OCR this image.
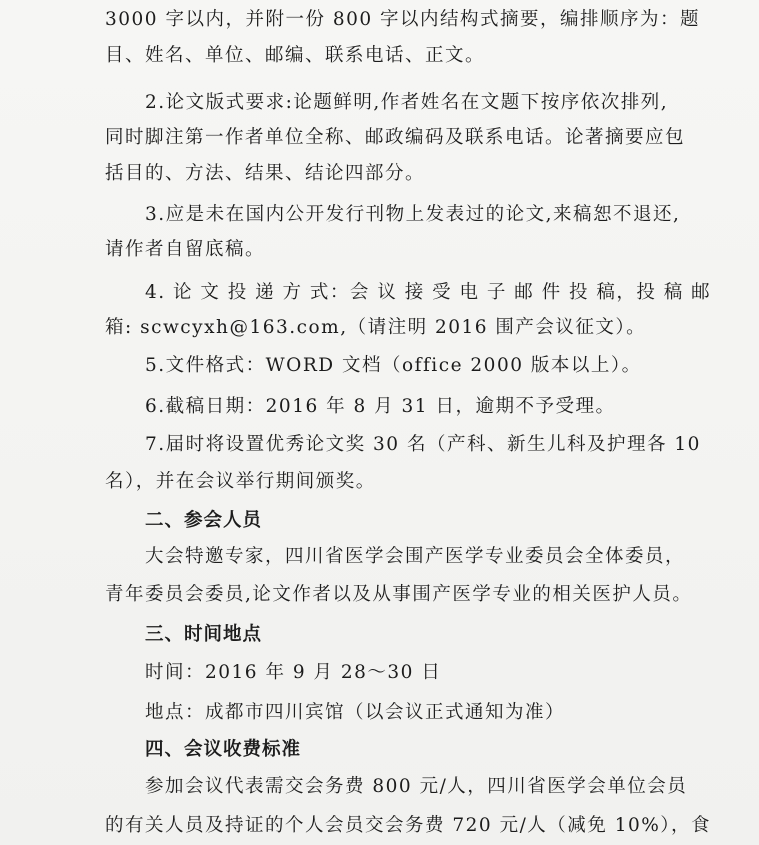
3000 字以内，并附一份 800 字以内结构式摘要，编排顺序为：题
目、姓名、单位、邮编、联系电话、正文。
2.论文版式要求:论题鲜明,作者姓名在文题下按序依次排列,
同时脚注第一作者单位全称、邮政编码及联系电话。论著摘要应包
括目的、方法、结果、结论四部分。
3.应是未在国内公开发行刊物上发表过的论文,来稿恕不退还,
请作者自留底稿。
4. 论 文 投 递 方 式：会 议 接 受 电 子 邮 件 投 稿，投 稿 邮
箱: scwcyxh@163.com,（请注明 2016 围产会议征文）。
5.文件格式：WORD 文档（office 2000 版本以上）。
6.截稿日期：2016 年 8 月 31 日，逾期不予受理。
7.届时将设置优秀论文奖 30 名（产科、新生儿科及护理各 10
名），并在会议举行期间颁奖。
二、参会人员
大会特邀专家，四川省医学会围产医学专业委员会全体委员，
青年委员会委员,论文作者以及从事围产医学专业的相关医护人员。
三、时间地点
时间：2016 年 9 月 28～30 日
地点：成都市四川宾馆（以会议正式通知为准）
四、会议收费标准
参加会议代表需交会务费 800 元/人，四川省医学会单位会员
的有关人员及持证的个人会员交会务费 720 元/人（减免 10%），食
